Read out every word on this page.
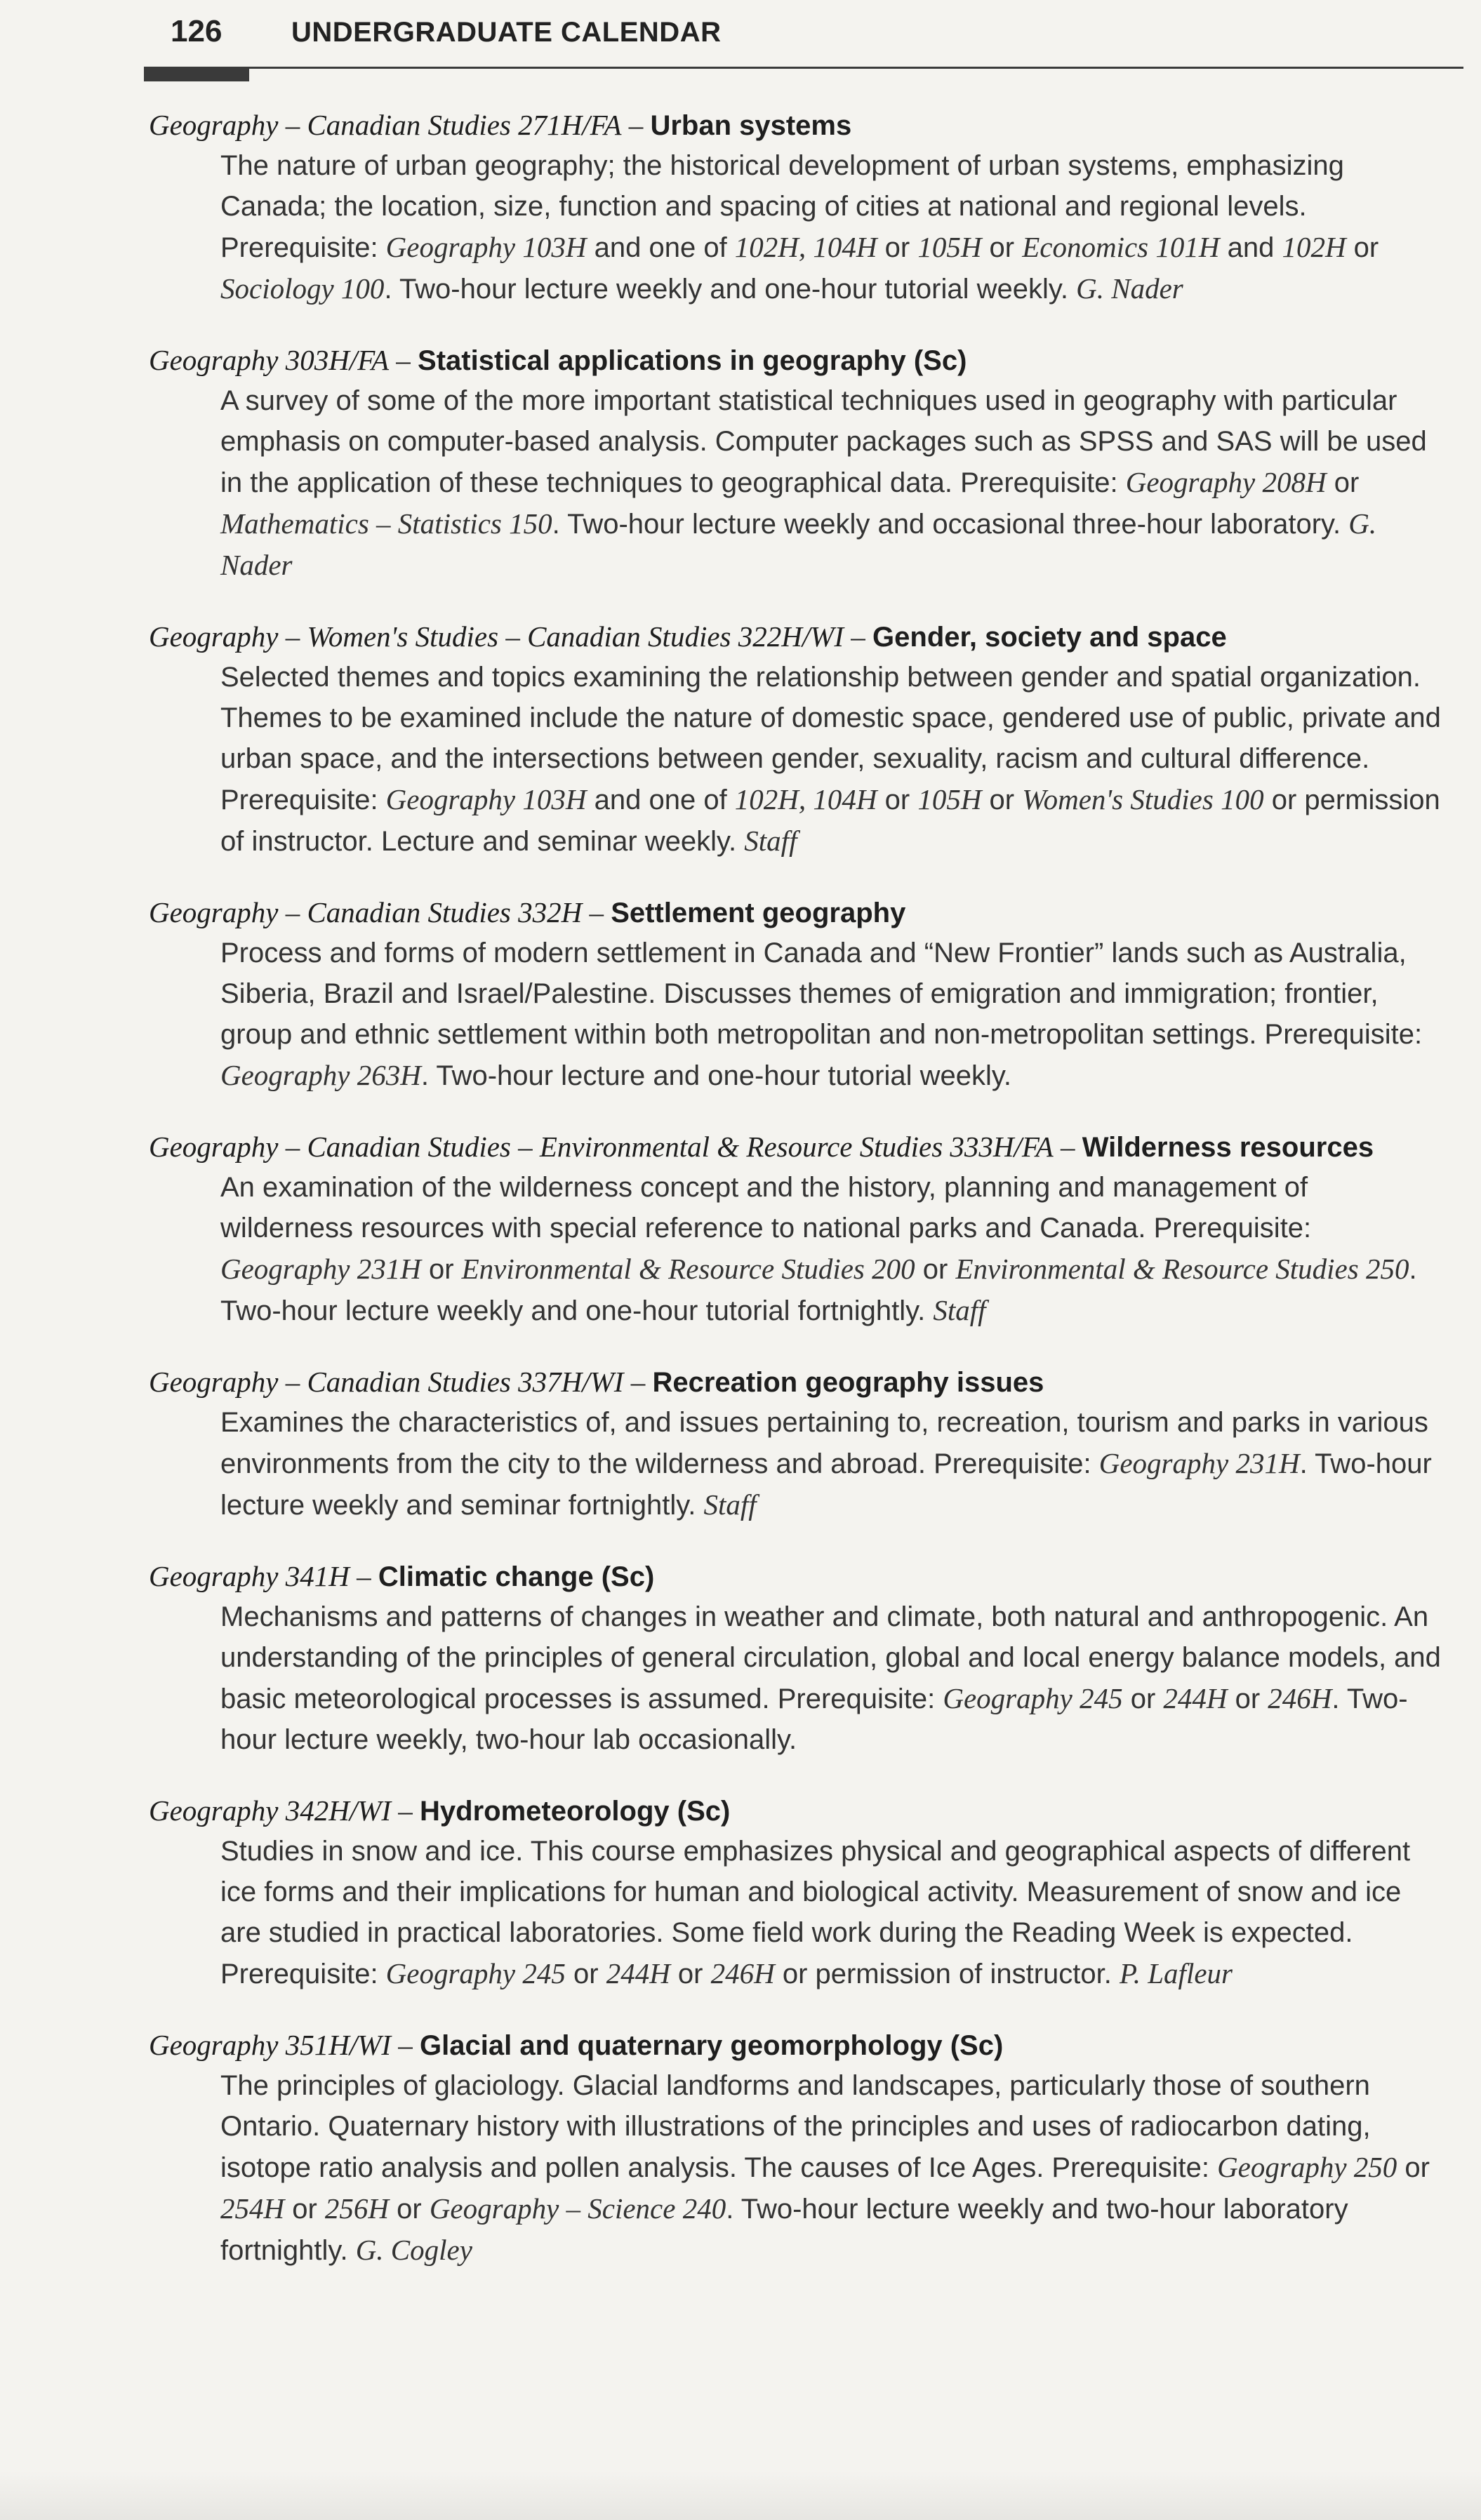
126 UNDERGRADUATE CALENDAR
Geography – Canadian Studies 271H/FA – Urban systems
The nature of urban geography; the historical development of urban systems, emphasizing Canada; the location, size, function and spacing of cities at national and regional levels. Prerequisite: Geography 103H and one of 102H, 104H or 105H or Economics 101H and 102H or Sociology 100. Two-hour lecture weekly and one-hour tutorial weekly. G. Nader
Geography 303H/FA – Statistical applications in geography (Sc)
A survey of some of the more important statistical techniques used in geography with particular emphasis on computer-based analysis. Computer packages such as SPSS and SAS will be used in the application of these techniques to geographical data. Prerequisite: Geography 208H or Mathematics – Statistics 150. Two-hour lecture weekly and occasional three-hour laboratory. G. Nader
Geography – Women's Studies – Canadian Studies 322H/WI – Gender, society and space
Selected themes and topics examining the relationship between gender and spatial organization. Themes to be examined include the nature of domestic space, gendered use of public, private and urban space, and the intersections between gender, sexuality, racism and cultural difference. Prerequisite: Geography 103H and one of 102H, 104H or 105H or Women's Studies 100 or permission of instructor. Lecture and seminar weekly. Staff
Geography – Canadian Studies 332H – Settlement geography
Process and forms of modern settlement in Canada and “New Frontier” lands such as Australia, Siberia, Brazil and Israel/Palestine. Discusses themes of emigration and immigration; frontier, group and ethnic settlement within both metropolitan and non-metropolitan settings. Prerequisite: Geography 263H. Two-hour lecture and one-hour tutorial weekly.
Geography – Canadian Studies – Environmental & Resource Studies 333H/FA – Wilderness resources
An examination of the wilderness concept and the history, planning and management of wilderness resources with special reference to national parks and Canada. Prerequisite: Geography 231H or Environmental & Resource Studies 200 or Environmental & Resource Studies 250. Two-hour lecture weekly and one-hour tutorial fortnightly. Staff
Geography – Canadian Studies 337H/WI – Recreation geography issues
Examines the characteristics of, and issues pertaining to, recreation, tourism and parks in various environments from the city to the wilderness and abroad. Prerequisite: Geography 231H. Two-hour lecture weekly and seminar fortnightly. Staff
Geography 341H – Climatic change (Sc)
Mechanisms and patterns of changes in weather and climate, both natural and anthropogenic. An understanding of the principles of general circulation, global and local energy balance models, and basic meteorological processes is assumed. Prerequisite: Geography 245 or 244H or 246H. Two-hour lecture weekly, two-hour lab occasionally.
Geography 342H/WI – Hydrometeorology (Sc)
Studies in snow and ice. This course emphasizes physical and geographical aspects of different ice forms and their implications for human and biological activity. Measurement of snow and ice are studied in practical laboratories. Some field work during the Reading Week is expected. Prerequisite: Geography 245 or 244H or 246H or permission of instructor. P. Lafleur
Geography 351H/WI – Glacial and quaternary geomorphology (Sc)
The principles of glaciology. Glacial landforms and landscapes, particularly those of southern Ontario. Quaternary history with illustrations of the principles and uses of radiocarbon dating, isotope ratio analysis and pollen analysis. The causes of Ice Ages. Prerequisite: Geography 250 or 254H or 256H or Geography – Science 240. Two-hour lecture weekly and two-hour laboratory fortnightly. G. Cogley
